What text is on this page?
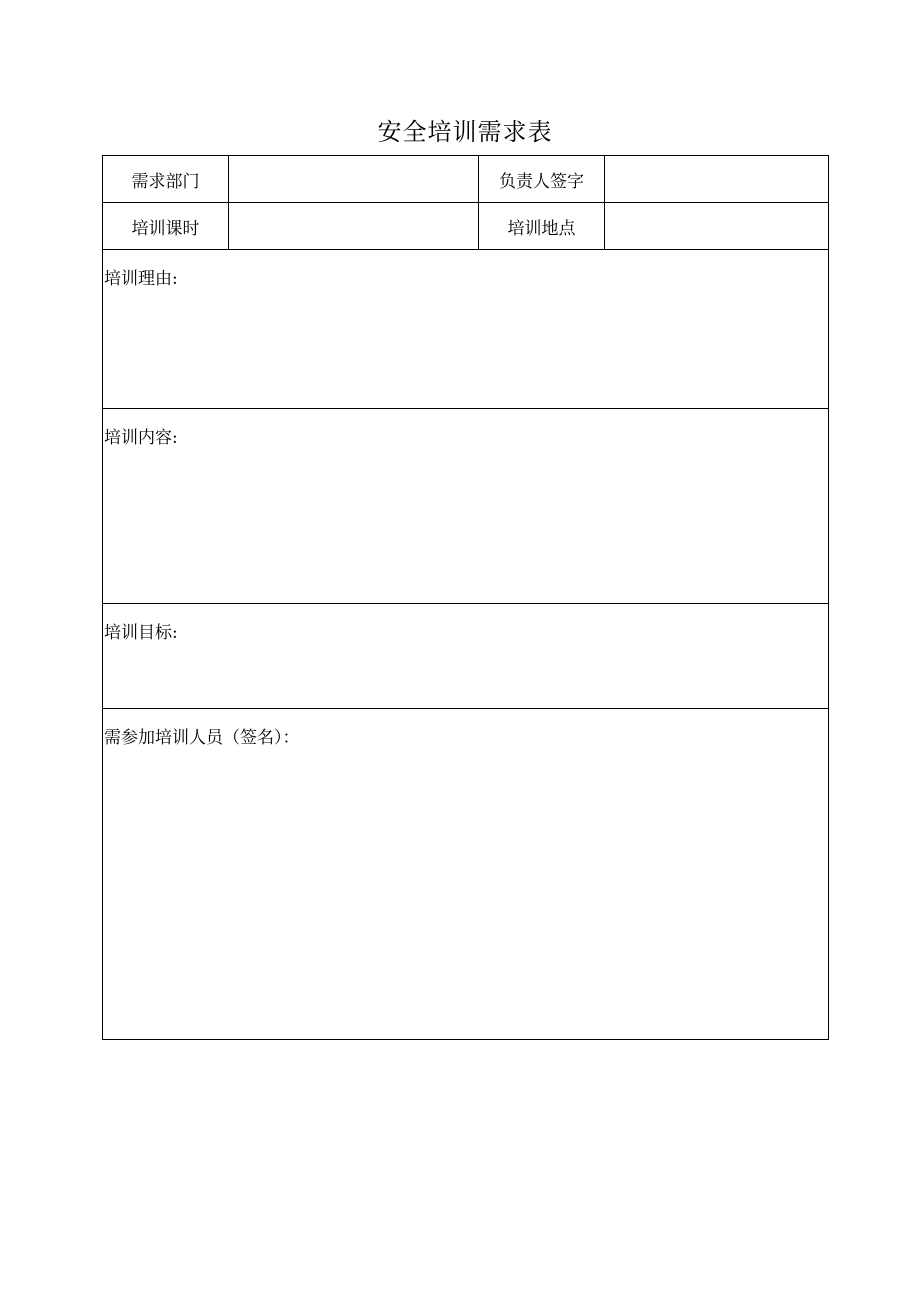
安全培训需求表
需求部门		负责人签字	
培训课时		培训地点	
培训理由:			
培训内容:			
培训目标:			
需参加培训人员（签名）：			
